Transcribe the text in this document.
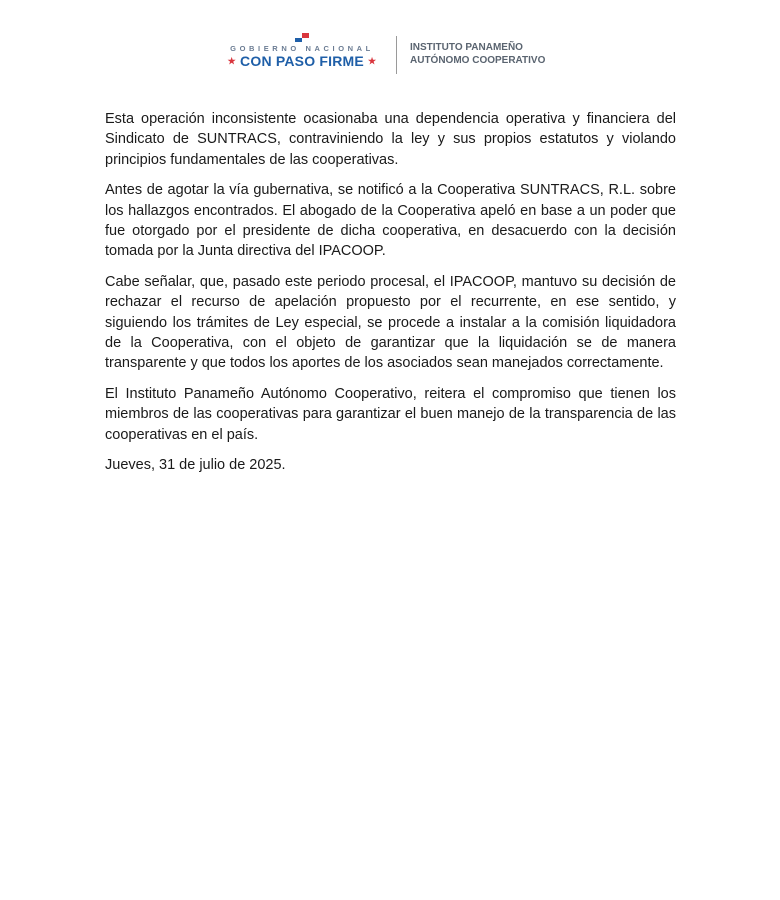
GOBIERNO NACIONAL
★ CON PASO FIRME ★
INSTITUTO PANAMEÑO
AUTÓNOMO COOPERATIVO

Esta operación inconsistente ocasionaba una dependencia operativa y financiera del Sindicato de SUNTRACS, contraviniendo la ley y sus propios estatutos y violando principios fundamentales de las cooperativas.

Antes de agotar la vía gubernativa, se notificó a la Cooperativa SUNTRACS, R.L. sobre los hallazgos encontrados. El abogado de la Cooperativa apeló en base a un poder que fue otorgado por el presidente de dicha cooperativa, en desacuerdo con la decisión tomada por la Junta directiva del IPACOOP.

Cabe señalar, que, pasado este periodo procesal, el IPACOOP, mantuvo su decisión de rechazar el recurso de apelación propuesto por el recurrente, en ese sentido, y siguiendo los trámites de Ley especial, se procede a instalar a la comisión liquidadora de la Cooperativa, con el objeto de garantizar que la liquidación se de manera transparente y que todos los aportes de los asociados sean manejados correctamente.

El Instituto Panameño Autónomo Cooperativo, reitera el compromiso que tienen los miembros de las cooperativas para garantizar el buen manejo de la transparencia de las cooperativas en el país.

Jueves, 31 de julio de 2025.
